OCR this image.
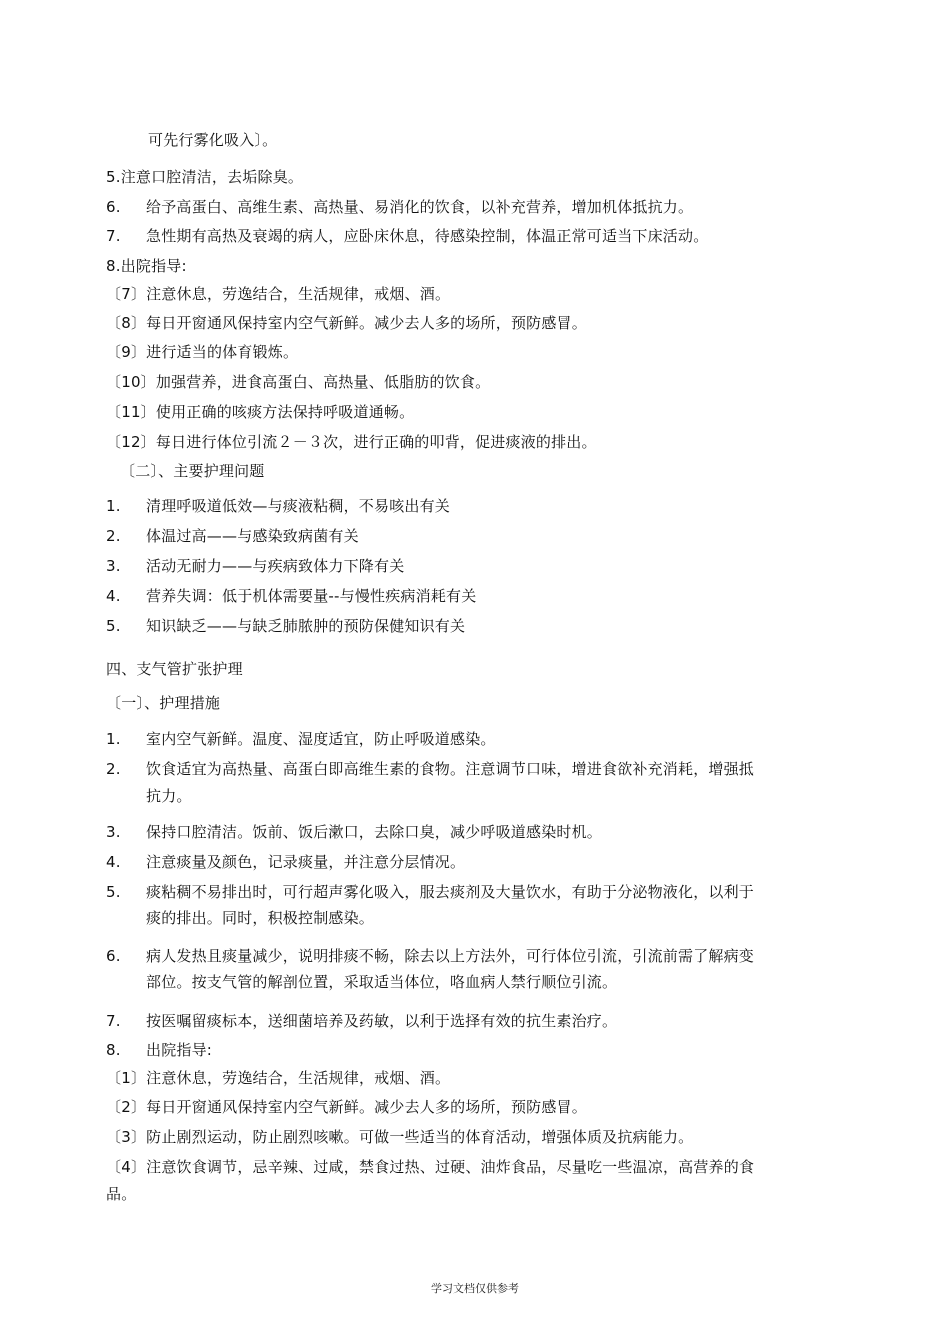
可先行雾化吸入〕。
5.注意口腔清洁，去垢除臭。
6. 给予高蛋白、高维生素、高热量、易消化的饮食，以补充营养，增加机体抵抗力。
7. 急性期有高热及衰竭的病人，应卧床休息，待感染控制，体温正常可适当下床活动。
8.出院指导:
〔7〕注意休息，劳逸结合，生活规律，戒烟、酒。
〔8〕每日开窗通风保持室内空气新鲜。减少去人多的场所，预防感冒。
〔9〕进行适当的体育锻炼。
〔10〕加强营养，进食高蛋白、高热量、低脂肪的饮食。
〔11〕使用正确的咳痰方法保持呼吸道通畅。
〔12〕每日进行体位引流２－３次，进行正确的叩背，促进痰液的排出。
〔二〕、主要护理问题
1. 清理呼吸道低效—与痰液粘稠，不易咳出有关
2. 体温过高——与感染致病菌有关
3. 活动无耐力——与疾病致体力下降有关
4. 营养失调：低于机体需要量--与慢性疾病消耗有关
5. 知识缺乏——与缺乏肺脓肿的预防保健知识有关
四、支气管扩张护理
〔一〕、护理措施
1. 室内空气新鲜。温度、湿度适宜，防止呼吸道感染。
2. 饮食适宜为高热量、高蛋白即高维生素的食物。注意调节口味，增进食欲补充消耗，增强抵
抗力。
3. 保持口腔清洁。饭前、饭后漱口，去除口臭，减少呼吸道感染时机。
4. 注意痰量及颜色，记录痰量，并注意分层情况。
5. 痰粘稠不易排出时，可行超声雾化吸入，服去痰剂及大量饮水，有助于分泌物液化，以利于
痰的排出。同时，积极控制感染。
6. 病人发热且痰量减少，说明排痰不畅，除去以上方法外，可行体位引流，引流前需了解病变
部位。按支气管的解剖位置，采取适当体位，咯血病人禁行顺位引流。
7. 按医嘱留痰标本，送细菌培养及药敏，以利于选择有效的抗生素治疗。
8. 出院指导:
〔1〕注意休息，劳逸结合，生活规律，戒烟、酒。
〔2〕每日开窗通风保持室内空气新鲜。减少去人多的场所，预防感冒。
〔3〕防止剧烈运动，防止剧烈咳嗽。可做一些适当的体育活动，增强体质及抗病能力。
〔4〕注意饮食调节，忌辛辣、过咸，禁食过热、过硬、油炸食品，尽量吃一些温凉，高营养的食
品。
学习文档仅供参考
